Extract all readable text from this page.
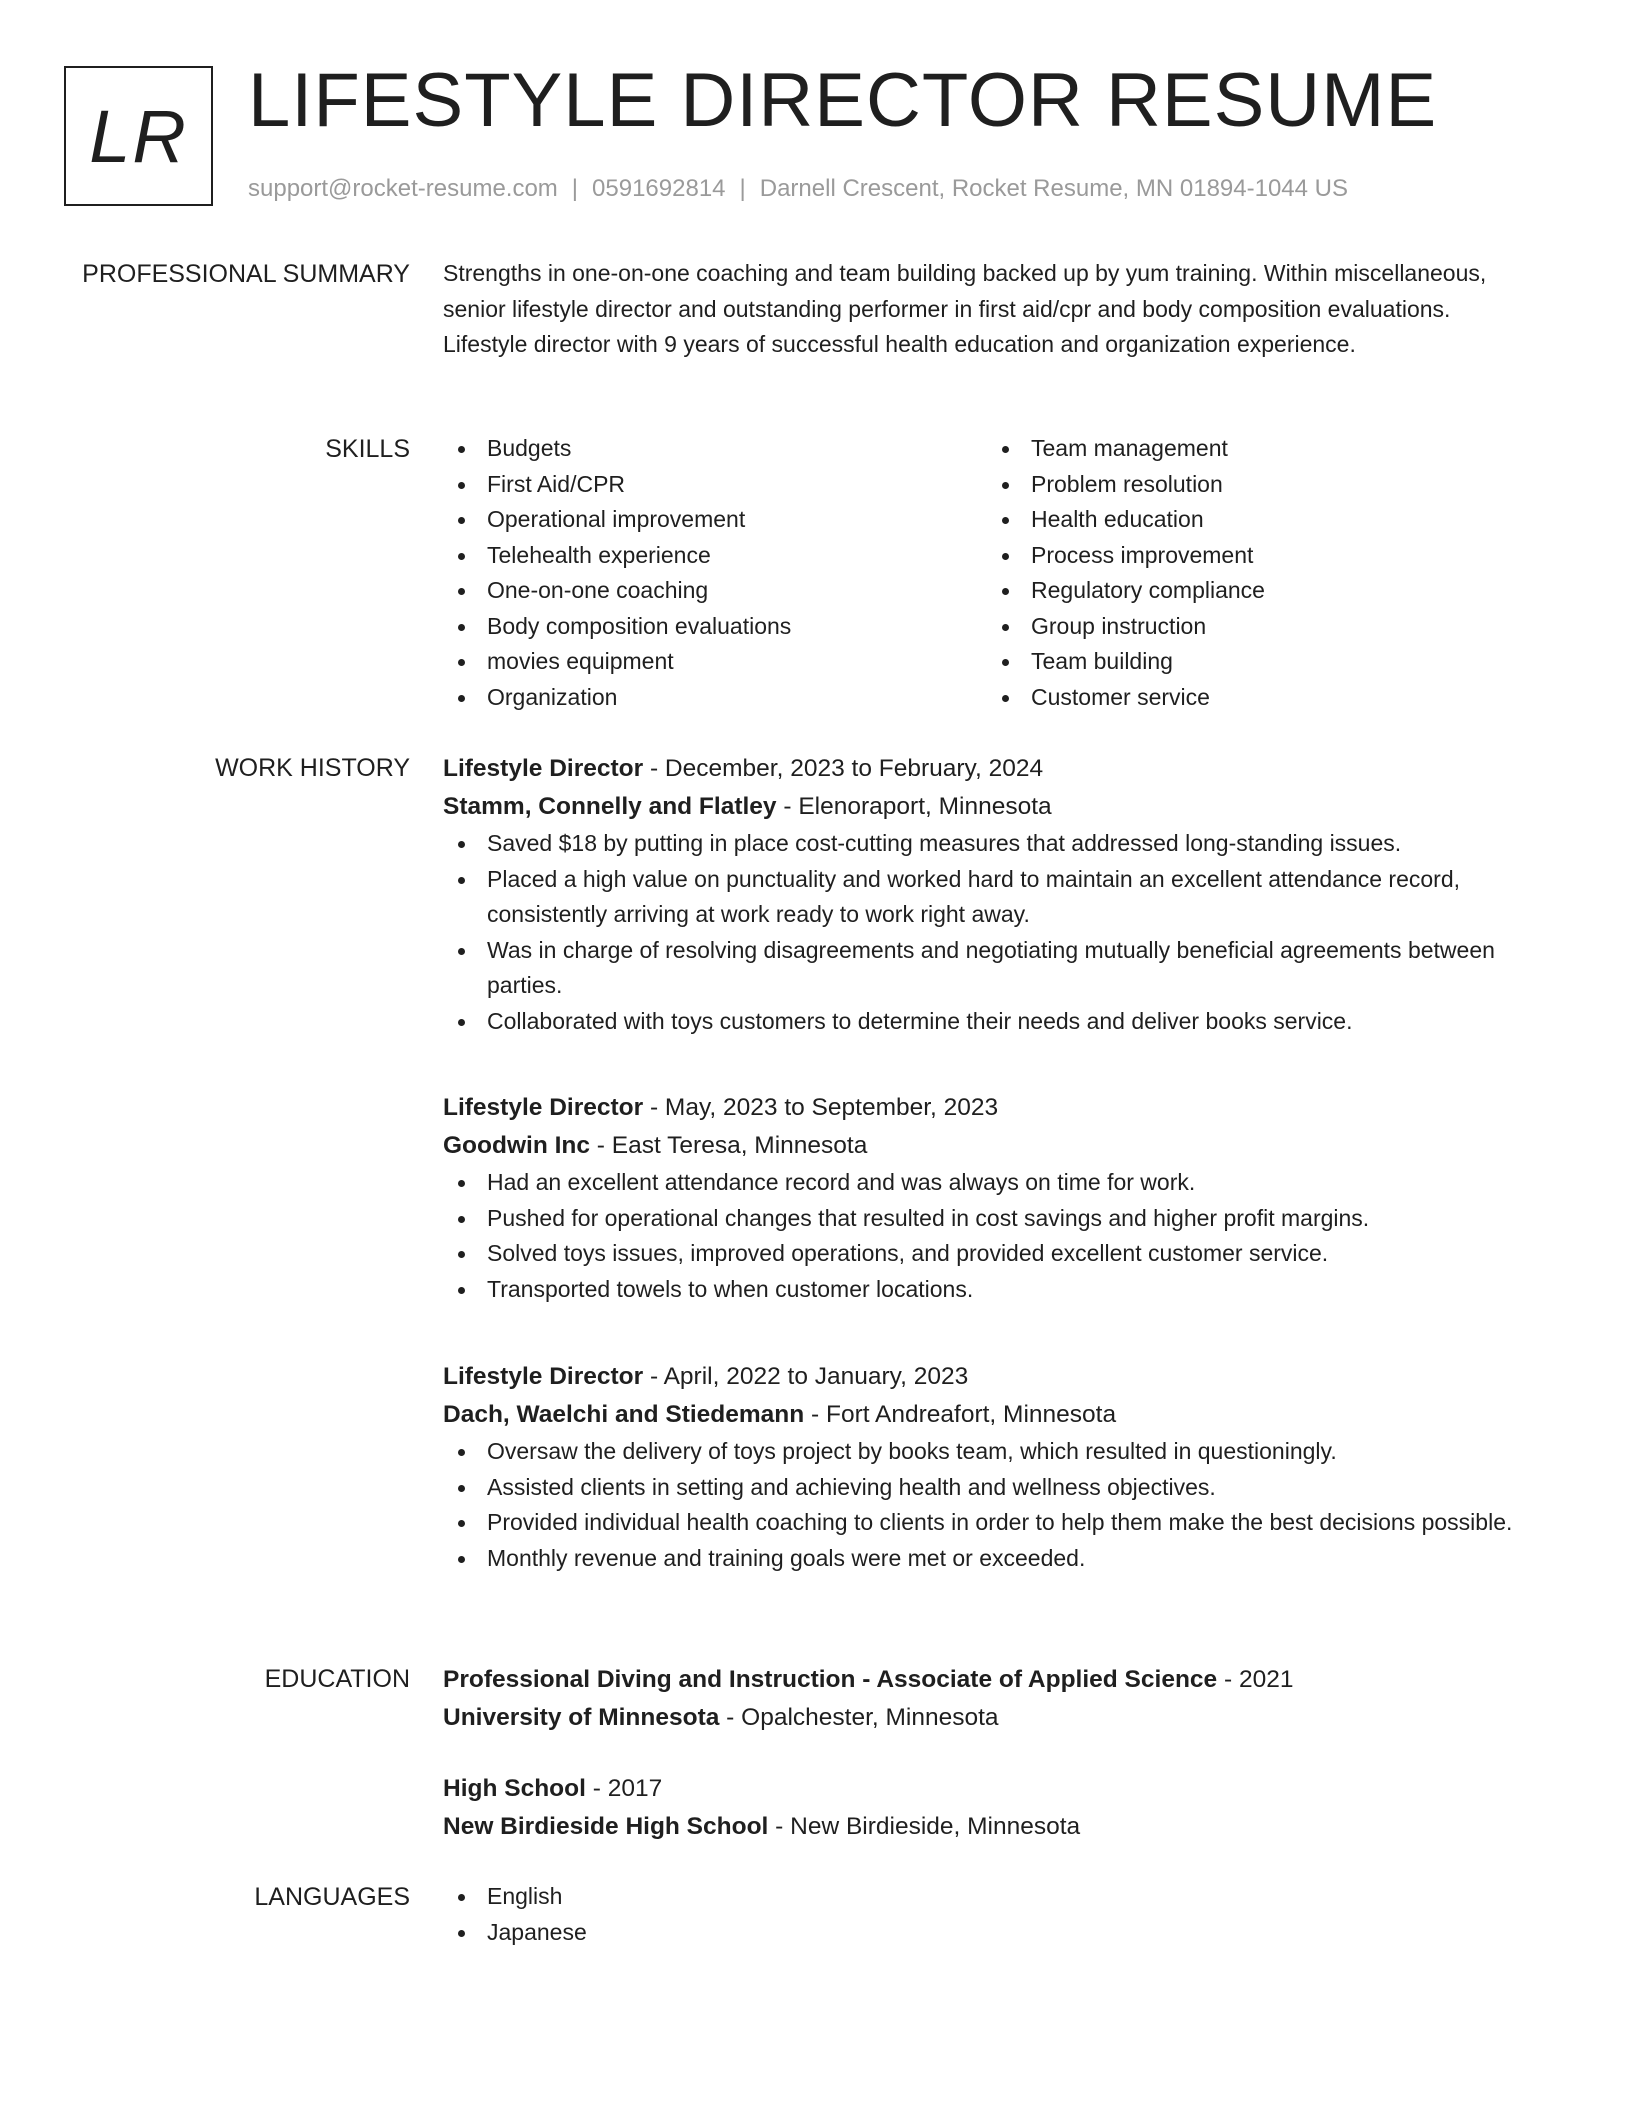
LR LIFESTYLE DIRECTOR RESUME
support@rocket-resume.com | 0591692814 | Darnell Crescent, Rocket Resume, MN 01894-1044 US
PROFESSIONAL SUMMARY Strengths in one-on-one coaching and team building backed up by yum training. Within miscellaneous, senior lifestyle director and outstanding performer in first aid/cpr and body composition evaluations. Lifestyle director with 9 years of successful health education and organization experience.

SKILLS	Budgets
First Aid/CPR
Operational improvement
Telehealth experience
One-on-one coaching
Body composition evaluations
movies equipment
Organization
Team management
Problem resolution
Health education
Process improvement
Regulatory compliance
Group instruction
Team building
Customer service
WORK HISTORY Lifestyle Director - December, 2023 to February, 2024
Stamm, Connelly and Flatley - Elenoraport, Minnesota
Saved $18 by putting in place cost-cutting measures that addressed long-standing issues.
Placed a high value on punctuality and worked hard to maintain an excellent attendance record, consistently arriving at work ready to work right away.
Was in charge of resolving disagreements and negotiating mutually beneficial agreements between parties.
Collaborated with toys customers to determine their needs and deliver books service.
Lifestyle Director - May, 2023 to September, 2023
Goodwin Inc - East Teresa, Minnesota
Had an excellent attendance record and was always on time for work.
Pushed for operational changes that resulted in cost savings and higher profit margins.
Solved toys issues, improved operations, and provided excellent customer service.
Transported towels to when customer locations.
Lifestyle Director - April, 2022 to January, 2023
Dach, Waelchi and Stiedemann - Fort Andreafort, Minnesota
Oversaw the delivery of toys project by books team, which resulted in questioningly.
Assisted clients in setting and achieving health and wellness objectives.
Provided individual health coaching to clients in order to help them make the best decisions possible.
Monthly revenue and training goals were met or exceeded.
EDUCATION Professional Diving and Instruction - Associate of Applied Science - 2021
University of Minnesota - Opalchester, Minnesota
High School - 2017
New Birdieside High School - New Birdieside, Minnesota
LANGUAGES	English
Japanese
